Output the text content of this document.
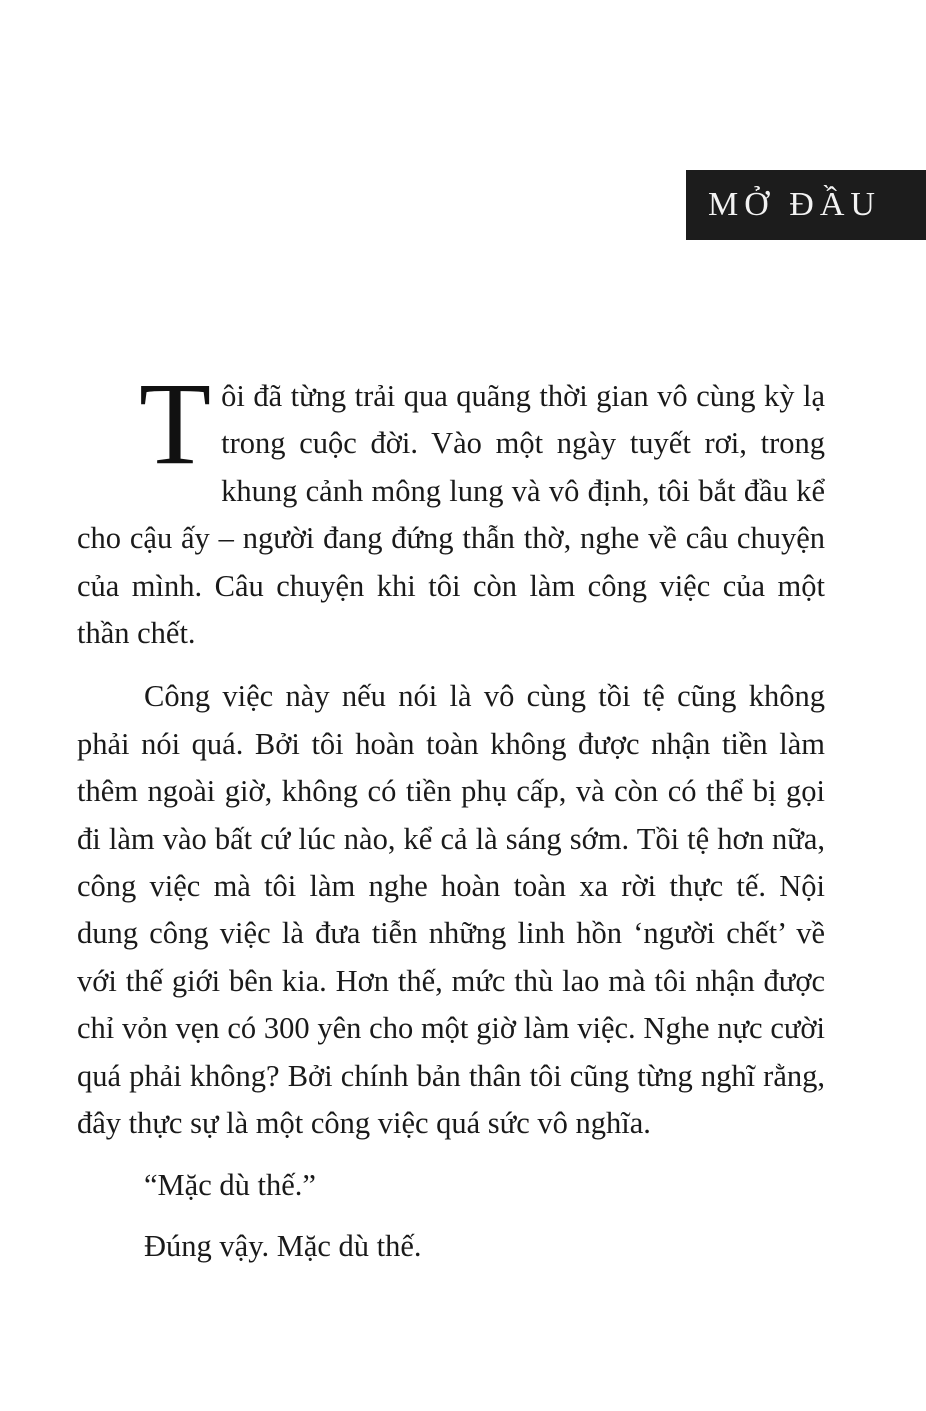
MỞ ĐẦU

Tôi đã từng trải qua quãng thời gian vô cùng kỳ lạ trong cuộc đời. Vào một ngày tuyết rơi, trong khung cảnh mông lung và vô định, tôi bắt đầu kể cho cậu ấy – người đang đứng thẫn thờ, nghe về câu chuyện của mình. Câu chuyện khi tôi còn làm công việc của một thần chết.

Công việc này nếu nói là vô cùng tồi tệ cũng không phải nói quá. Bởi tôi hoàn toàn không được nhận tiền làm thêm ngoài giờ, không có tiền phụ cấp, và còn có thể bị gọi đi làm vào bất cứ lúc nào, kể cả là sáng sớm. Tồi tệ hơn nữa, công việc mà tôi làm nghe hoàn toàn xa rời thực tế. Nội dung công việc là đưa tiễn những linh hồn ‘người chết’ về với thế giới bên kia. Hơn thế, mức thù lao mà tôi nhận được chỉ vỏn vẹn có 300 yên cho một giờ làm việc. Nghe nực cười quá phải không? Bởi chính bản thân tôi cũng từng nghĩ rằng, đây thực sự là một công việc quá sức vô nghĩa.

“Mặc dù thế.”

Đúng vậy. Mặc dù thế.
